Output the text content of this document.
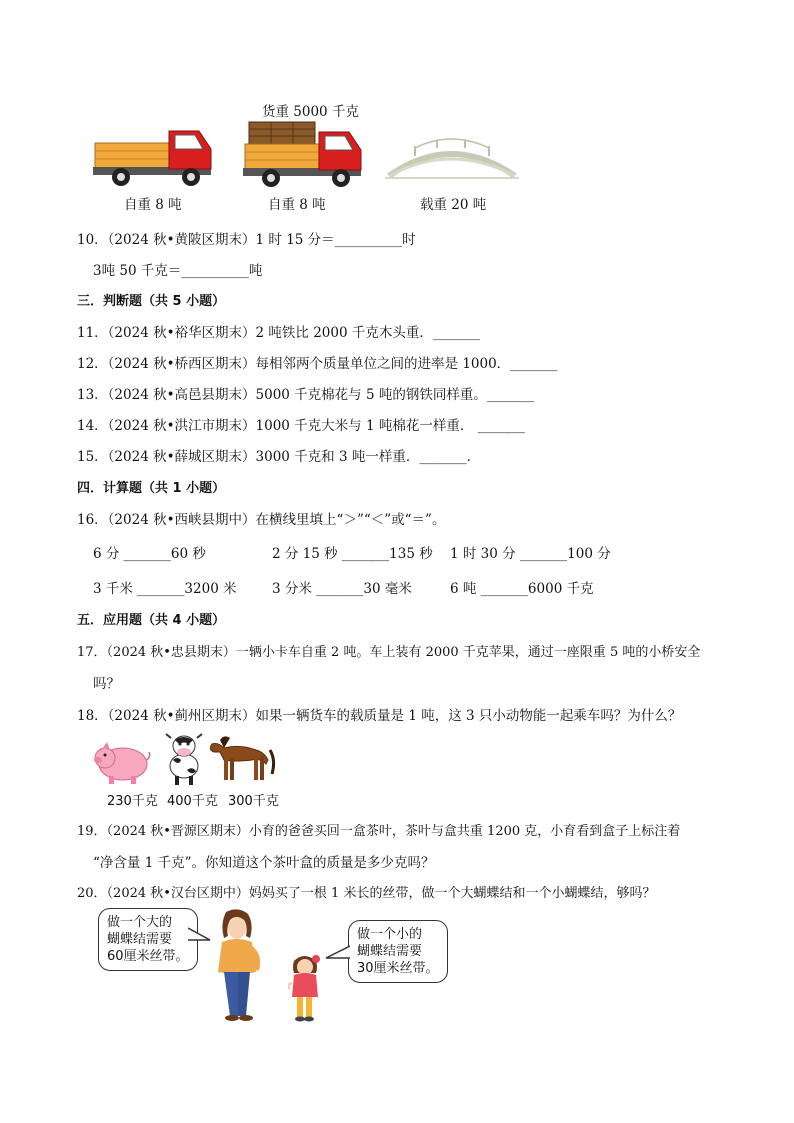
货重 5000 千克
自重 8 吨	自重 8 吨	载重 20 吨
10．（2024 秋•黄陂区期末）1 时 15 分＝__________时
3吨 50 千克＝__________吨
三．判断题（共 5 小题）
11．（2024 秋•裕华区期末）2 吨铁比 2000 千克木头重．_______
12．（2024 秋•桥西区期末）每相邻两个质量单位之间的进率是 1000．_______
13．（2024 秋•高邑县期末）5000 千克棉花与 5 吨的钢铁同样重。_______
14．（2024 秋•洪江市期末）1000 千克大米与 1 吨棉花一样重． _______
15．（2024 秋•薛城区期末）3000 千克和 3 吨一样重．_______．
四．计算题（共 1 小题）
16．（2024 秋•西峡县期中）在横线里填上“＞”“＜”或“＝”。
6 分 _______60 秒	2 分 15 秒 _______135 秒 1 时 30 分 _______100 分
3 千米 _______3200 米	3 分米 _______30 毫米	6 吨 _______6000 千克
五．应用题（共 4 小题）
17．（2024 秋•忠县期末）一辆小卡车自重 2 吨。车上装有 2000 千克苹果，通过一座限重 5 吨的小桥安全
吗？
18．（2024 秋•蓟州区期末）如果一辆货车的载质量是 1 吨，这 3 只小动物能一起乘车吗？为什么？
230千克 400千克 300千克
19．（2024 秋•晋源区期末）小育的爸爸买回一盒茶叶，茶叶与盒共重 1200 克，小育看到盒子上标注着
“净含量 1 千克”。你知道这个茶叶盒的质量是多少克吗？
20．（2024 秋•汉台区期中）妈妈买了一根 1 米长的丝带，做一个大蝴蝶结和一个小蝴蝶结，够吗？
做一个大的
蝴蝶结需要
60厘米丝带。
做一个小的
蝴蝶结需要
30厘米丝带。
